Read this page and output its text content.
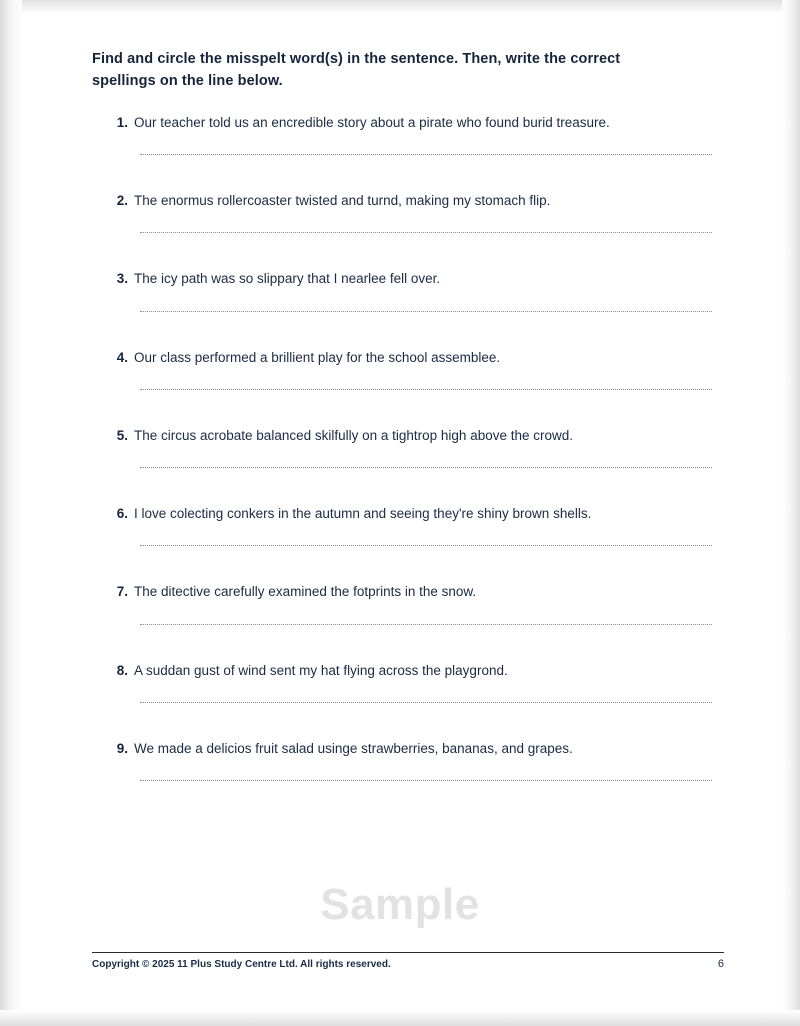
Find and circle the misspelt word(s) in the sentence. Then, write the correct spellings on the line below.

1. Our teacher told us an encredible story about a pirate who found burid treasure.
2. The enormus rollercoaster twisted and turnd, making my stomach flip.
3. The icy path was so slippary that I nearlee fell over.
4. Our class performed a brillient play for the school assemblee.
5. The circus acrobate balanced skilfully on a tightrop high above the crowd.
6. I love colecting conkers in the autumn and seeing they're shiny brown shells.
7. The ditective carefully examined the fotprints in the snow.
8. A suddan gust of wind sent my hat flying across the playgrond.
9. We made a delicios fruit salad usinge strawberries, bananas, and grapes.
Sample
Copyright © 2025 11 Plus Study Centre Ltd. All rights reserved.	6
